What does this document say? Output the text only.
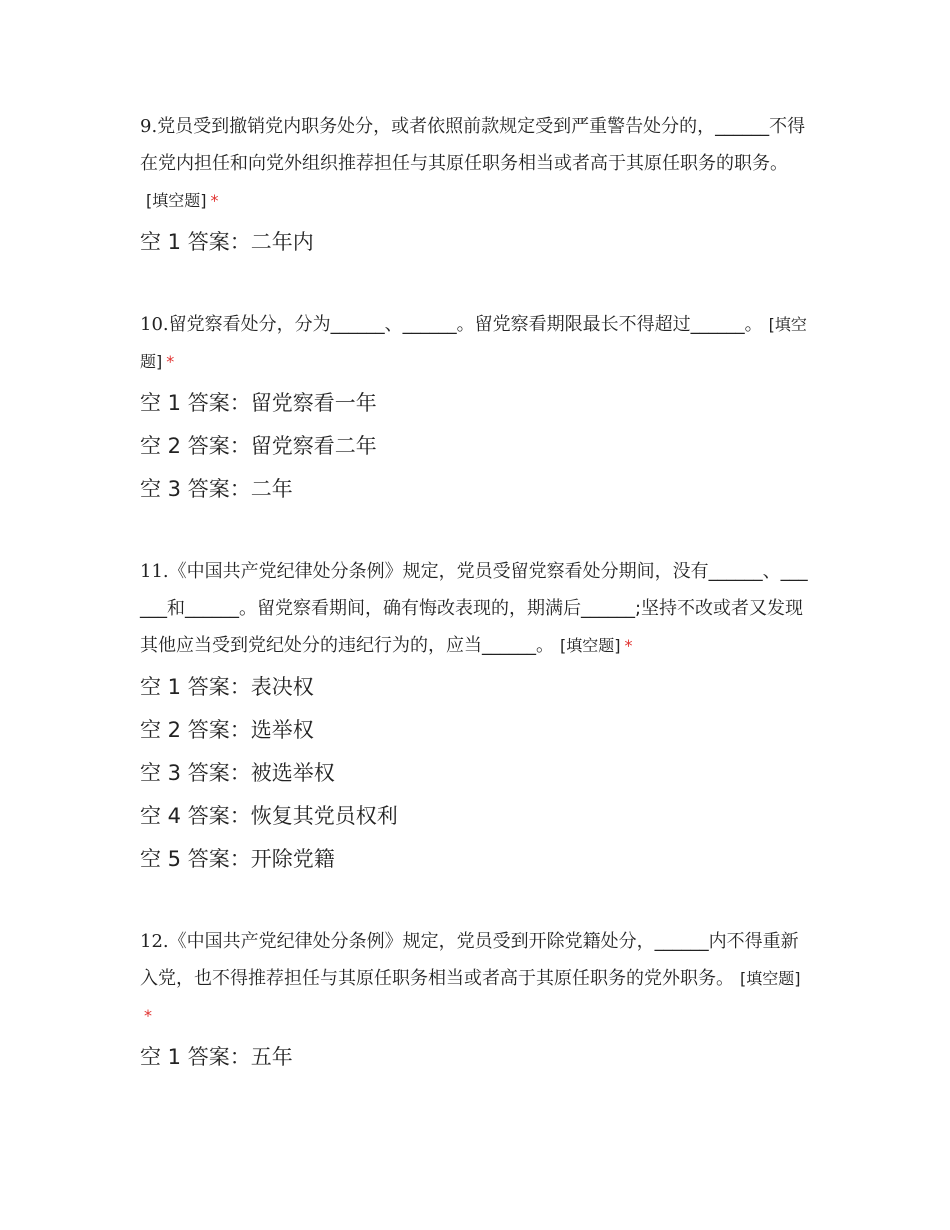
9.党员受到撤销党内职务处分，或者依照前款规定受到严重警告处分的，______不得在党内担任和向党外组织推荐担任与其原任职务相当或者高于其原任职务的职务。[填空题] *

空 1 答案：二年内

10.留党察看处分，分为______、______。留党察看期限最长不得超过______。 [填空题] *

空 1 答案：留党察看一年

空 2 答案：留党察看二年

空 3 答案：二年

11.《中国共产党纪律处分条例》规定，党员受留党察看处分期间，没有______、______和______。留党察看期间，确有悔改表现的，期满后______;坚持不改或者又发现其他应当受到党纪处分的违纪行为的，应当______。 [填空题] *

空 1 答案：表决权

空 2 答案：选举权

空 3 答案：被选举权

空 4 答案：恢复其党员权利

空 5 答案：开除党籍

12.《中国共产党纪律处分条例》规定，党员受到开除党籍处分，______内不得重新入党，也不得推荐担任与其原任职务相当或者高于其原任职务的党外职务。 [填空题]*

空 1 答案：五年
